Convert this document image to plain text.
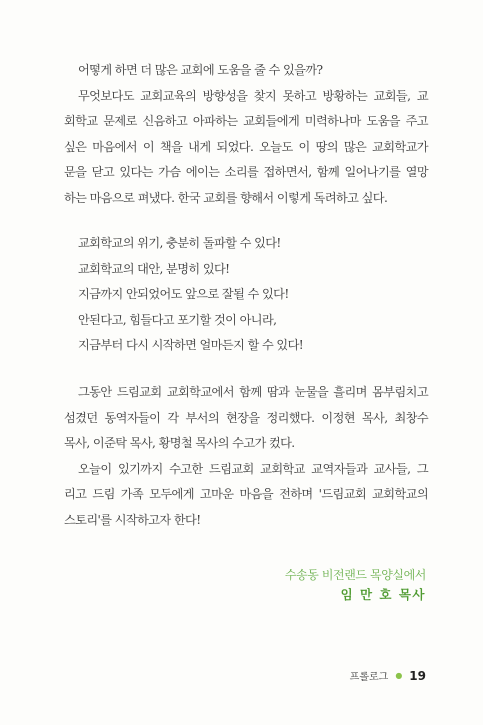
어떻게 하면 더 많은 교회에 도움을 줄 수 있을까?
무엇보다도 교회교육의 방향성을 찾지 못하고 방황하는 교회들, 교
회학교 문제로 신음하고 아파하는 교회들에게 미력하나마 도움을 주고
싶은 마음에서 이 책을 내게 되었다. 오늘도 이 땅의 많은 교회학교가
문을 닫고 있다는 가슴 에이는 소리를 접하면서, 함께 일어나기를 열망
하는 마음으로 펴냈다. 한국 교회를 향해서 이렇게 독려하고 싶다.
교회학교의 위기, 충분히 돌파할 수 있다!
교회학교의 대안, 분명히 있다!
지금까지 안되었어도 앞으로 잘될 수 있다!
안된다고, 힘들다고 포기할 것이 아니라,
지금부터 다시 시작하면 얼마든지 할 수 있다!
그동안 드림교회 교회학교에서 함께 땀과 눈물을 흘리며 몸부림치고
섬겼던 동역자들이 각 부서의 현장을 정리했다. 이정현 목사, 최창수
목사, 이준탁 목사, 황명철 목사의 수고가 컸다.
오늘이 있기까지 수고한 드림교회 교회학교 교역자들과 교사들, 그
리고 드림 가족 모두에게 고마운 마음을 전하며 '드림교회 교회학교의
스토리'를 시작하고자 한다!
수송동 비전랜드 목양실에서
임 만 호 목사
프롤로그 ● 19
